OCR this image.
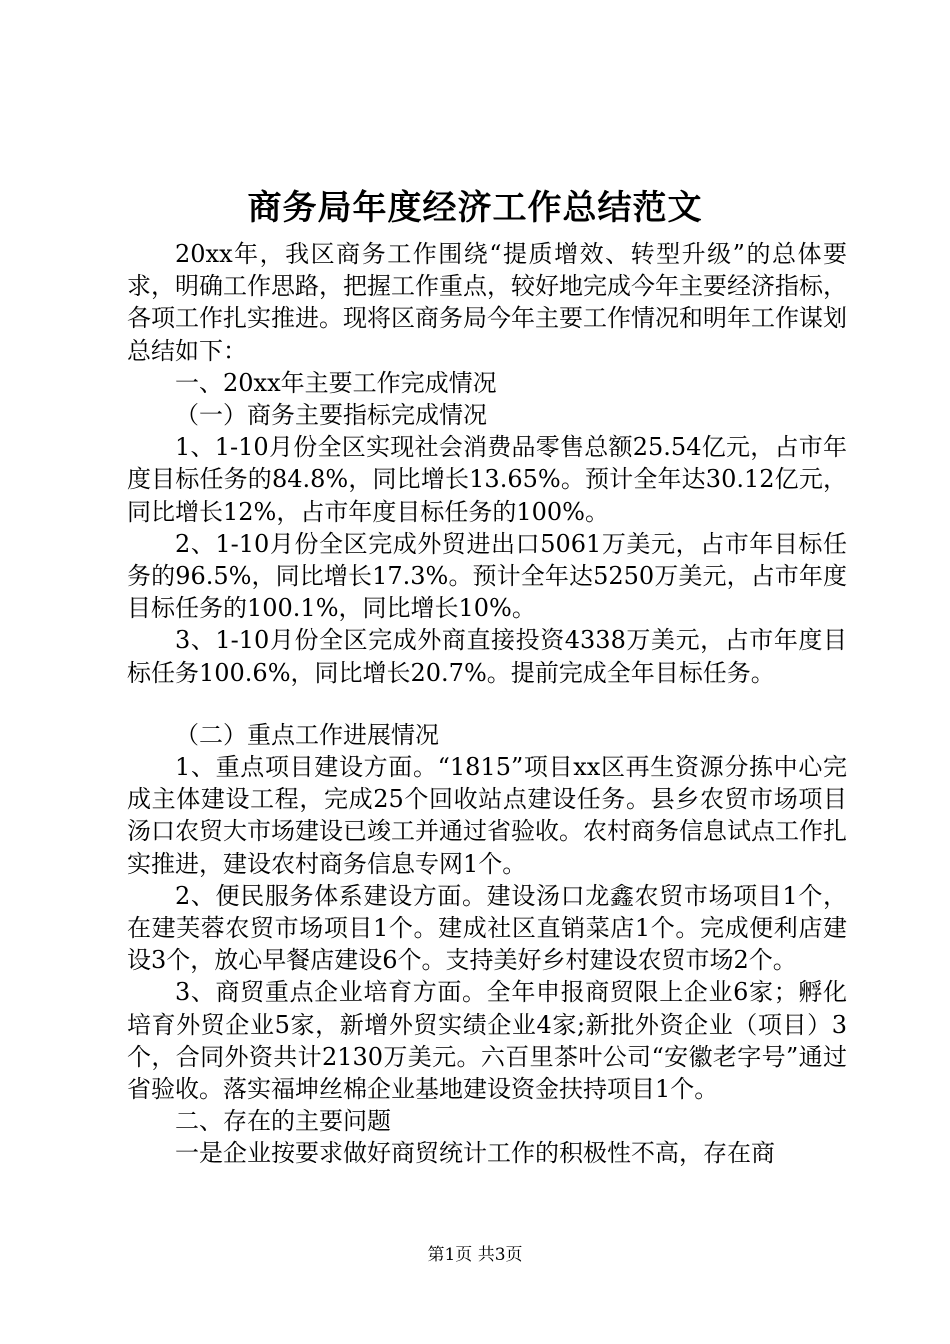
商务局年度经济工作总结范文

20xx年，我区商务工作围绕“提质增效、转型升级”的总体要求，明确工作思路，把握工作重点，较好地完成今年主要经济指标，各项工作扎实推进。现将区商务局今年主要工作情况和明年工作谋划总结如下：

一、20xx年主要工作完成情况

（一）商务主要指标完成情况

1、1-10月份全区实现社会消费品零售总额25.54亿元，占市年度目标任务的84.8%，同比增长13.65%。预计全年达30.12亿元，同比增长12%，占市年度目标任务的100%。

2、1-10月份全区完成外贸进出口5061万美元，占市年目标任务的96.5%，同比增长17.3%。预计全年达5250万美元，占市年度目标任务的100.1%，同比增长10%。

3、1-10月份全区完成外商直接投资4338万美元，占市年度目标任务100.6%，同比增长20.7%。提前完成全年目标任务。

（二）重点工作进展情况

1、重点项目建设方面。“1815”项目xx区再生资源分拣中心完成主体建设工程，完成25个回收站点建设任务。县乡农贸市场项目汤口农贸大市场建设已竣工并通过省验收。农村商务信息试点工作扎实推进，建设农村商务信息专网1个。

2、便民服务体系建设方面。建设汤口龙鑫农贸市场项目1个，在建芙蓉农贸市场项目1个。建成社区直销菜店1个。完成便利店建设3个，放心早餐店建设6个。支持美好乡村建设农贸市场2个。

3、商贸重点企业培育方面。全年申报商贸限上企业6家；孵化培育外贸企业5家，新增外贸实绩企业4家;新批外资企业（项目）3个，合同外资共计2130万美元。六百里茶叶公司“安徽老字号”通过省验收。落实福坤丝棉企业基地建设资金扶持项目1个。

二、存在的主要问题

一是企业按要求做好商贸统计工作的积极性不高，存在商

第1页 共3页
